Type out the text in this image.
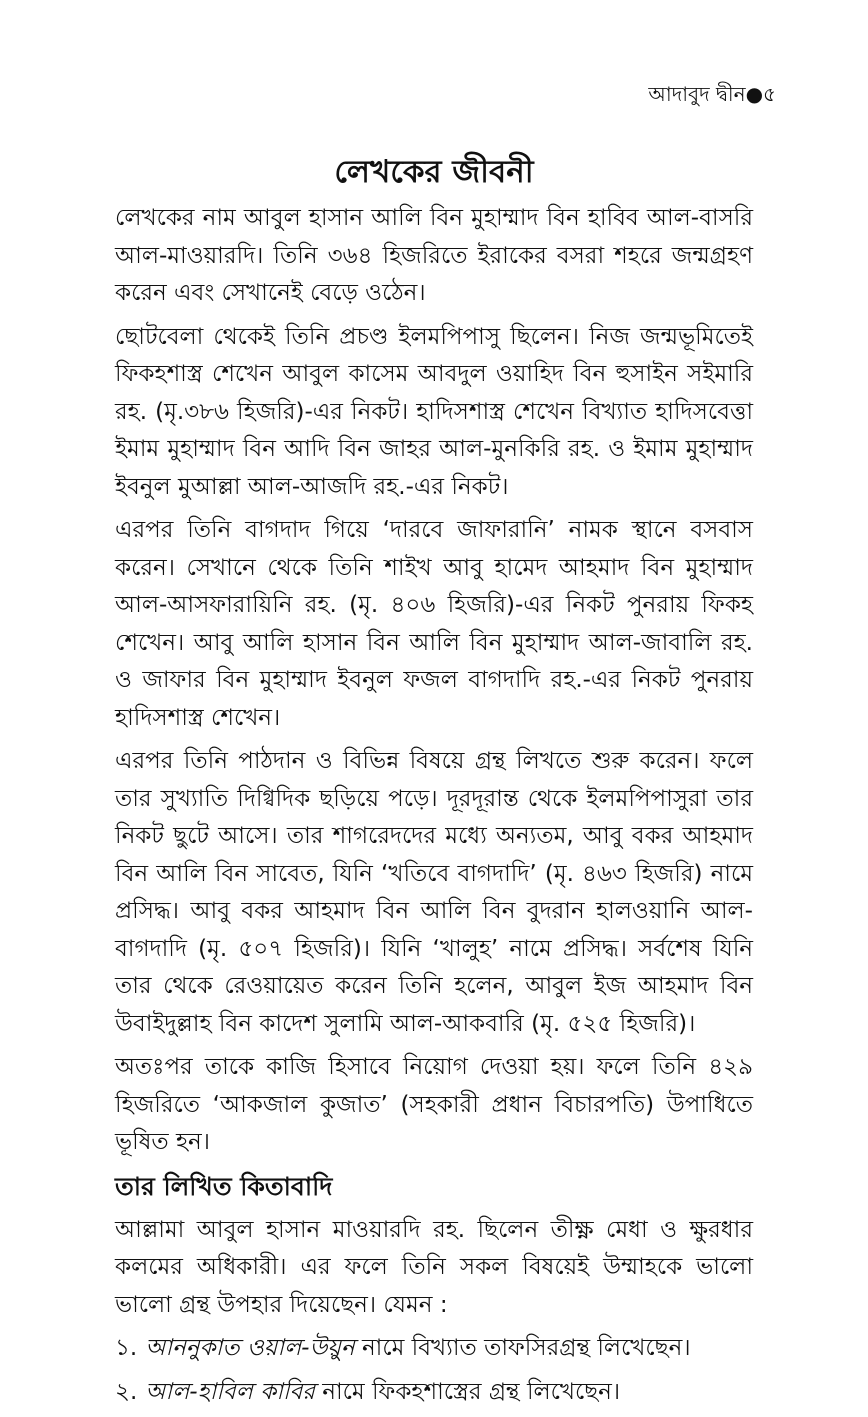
আদাবুদ দ্বীন●৫
লেখকের জীবনী

লেখকের নাম আবুল হাসান আলি বিন মুহাম্মাদ বিন হাবিব আল-বাসরি আল-মাওয়ারদি। তিনি ৩৬৪ হিজরিতে ইরাকের বসরা শহরে জন্মগ্রহণ করেন এবং সেখানেই বেড়ে ওঠেন।

ছোটবেলা থেকেই তিনি প্রচণ্ড ইলমপিপাসু ছিলেন। নিজ জন্মভূমিতেই ফিকহশাস্ত্র শেখেন আবুল কাসেম আবদুল ওয়াহিদ বিন হুসাইন সইমারি রহ. (মৃ.৩৮৬ হিজরি)-এর নিকট। হাদিসশাস্ত্র শেখেন বিখ্যাত হাদিসবেত্তা ইমাম মুহাম্মাদ বিন আদি বিন জাহর আল-মুনকিরি রহ. ও ইমাম মুহাম্মাদ ইবনুল মুআল্লা আল-আজদি রহ.-এর নিকট।

এরপর তিনি বাগদাদ গিয়ে ‘দারবে জাফারানি’ নামক স্থানে বসবাস করেন। সেখানে থেকে তিনি শাইখ আবু হামেদ আহমাদ বিন মুহাম্মাদ আল-আসফারায়িনি রহ. (মৃ. ৪০৬ হিজরি)-এর নিকট পুনরায় ফিকহ শেখেন। আবু আলি হাসান বিন আলি বিন মুহাম্মাদ আল-জাবালি রহ. ও জাফার বিন মুহাম্মাদ ইবনুল ফজল বাগদাদি রহ.-এর নিকট পুনরায় হাদিসশাস্ত্র শেখেন।

এরপর তিনি পাঠদান ও বিভিন্ন বিষয়ে গ্রন্থ লিখতে শুরু করেন। ফলে তার সুখ্যাতি দিগ্বিদিক ছড়িয়ে পড়ে। দূরদূরান্ত থেকে ইলমপিপাসুরা তার নিকট ছুটে আসে। তার শাগরেদদের মধ্যে অন্যতম, আবু বকর আহমাদ বিন আলি বিন সাবেত, যিনি ‘খতিবে বাগদাদি’ (মৃ. ৪৬৩ হিজরি) নামে প্রসিদ্ধ। আবু বকর আহমাদ বিন আলি বিন বুদরান হালওয়ানি আল-বাগদাদি (মৃ. ৫০৭ হিজরি)। যিনি ‘খালুহ’ নামে প্রসিদ্ধ। সর্বশেষ যিনি তার থেকে রেওয়ায়েত করেন তিনি হলেন, আবুল ইজ আহমাদ বিন উবাইদুল্লাহ বিন কাদেশ সুলামি আল-আকবারি (মৃ. ৫২৫ হিজরি)।

অতঃপর তাকে কাজি হিসাবে নিয়োগ দেওয়া হয়। ফলে তিনি ৪২৯ হিজরিতে ‘আকজাল কুজাত’ (সহকারী প্রধান বিচারপতি) উপাধিতে ভূষিত হন।

তার লিখিত কিতাবাদি

আল্লামা আবুল হাসান মাওয়ারদি রহ. ছিলেন তীক্ষ্ণ মেধা ও ক্ষুরধার কলমের অধিকারী। এর ফলে তিনি সকল বিষয়েই উম্মাহকে ভালো ভালো গ্রন্থ উপহার দিয়েছেন। যেমন :

১. আননুকাত ওয়াল-উয়ুন নামে বিখ্যাত তাফসিরগ্রন্থ লিখেছেন।
২. আল-হাবিল কাবির নামে ফিকহশাস্ত্রের গ্রন্থ লিখেছেন।
